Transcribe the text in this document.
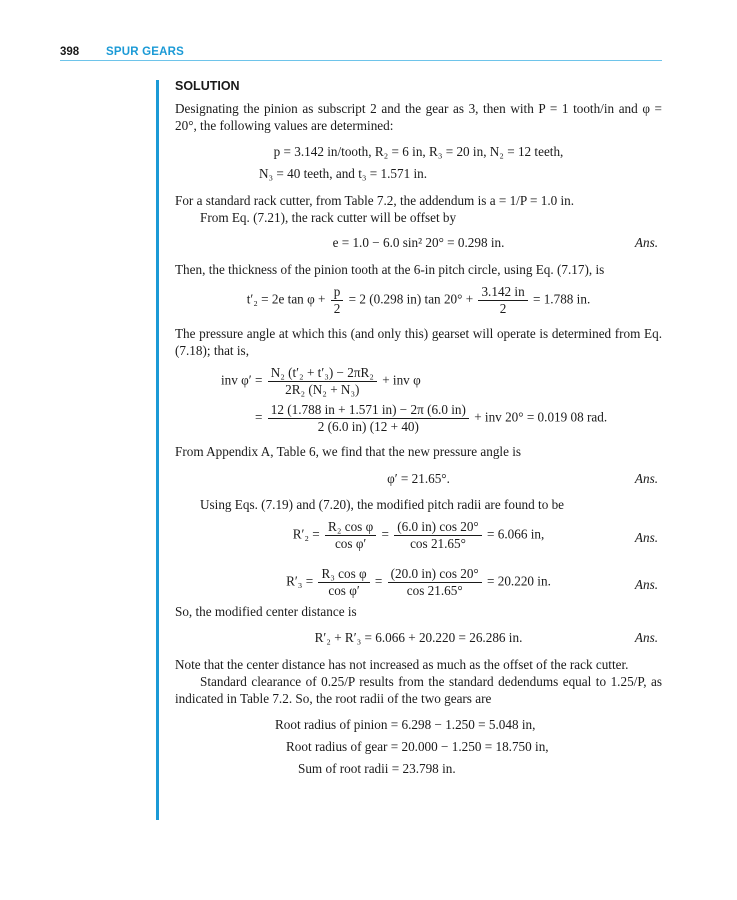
398 SPUR GEARS
SOLUTION

Designating the pinion as subscript 2 and the gear as 3, then with P = 1 tooth/in and φ = 20°, the following values are determined:

p = 3.142 in/tooth, R₂ = 6 in, R₃ = 20 in, N₂ = 12 teeth,
N₃ = 40 teeth, and t₃ = 1.571 in.

For a standard rack cutter, from Table 7.2, the addendum is a = 1/P = 1.0 in.

From Eq. (7.21), the rack cutter will be offset by

e = 1.0 − 6.0 sin² 20° = 0.298 in.	Ans.

Then, the thickness of the pinion tooth at the 6-in pitch circle, using Eq. (7.17), is

t′₂ = 2e $\tan \varphi + \frac{p}{2} = 2$ (0.298 in) $\tan 20^\circ + \frac{3.142 in}{2} = 1.788$ in.

The pressure angle at which this (and only this) gearset will operate is determined from Eq. (7.18); that is,

inv $\varphi' = \frac{\text{N₂ (t′₂ + t′₃) − 2πR₂}}{\text{2R₂ (N₂ + N₃)}}$ + inv φ
= $\frac{12 (1.788 in + 1.571 in) - 2\pi (6.0 in)}{2 (6.0 in) (12 + 40)}$ + inv 20° = 0.019 08 rad.

From Appendix A, Table 6, we find that the new pressure angle is

φ′ = 21.65°.	Ans.

Using Eqs. (7.19) and (7.20), the modified pitch radii are found to be

$R'_2 = \frac{\text{R₂ cos φ}}{\text{cos φ′}} = \frac{(6.0 in) \cos 20^\circ}{\cos 21.65^\circ} = 6.066$ in,	Ans.
$R'_3 = \frac{\text{R₃ cos φ}}{\text{cos φ′}} = \frac{(20.0 in) \cos 20^\circ}{\cos 21.65^\circ} = 20.220$ in.	Ans.

So, the modified center distance is

R′₂ + R′₃ = 6.066 + 20.220 = 26.286 in.	Ans.

Note that the center distance has not increased as much as the offset of the rack cutter.

Standard clearance of 0.25/P results from the standard dedendums equal to 1.25/P, as indicated in Table 7.2. So, the root radii of the two gears are

Root radius of pinion = 6.298 − 1.250 = 5.048 in,
Root radius of gear = 20.000 − 1.250 = 18.750 in,
Sum of root radii = 23.798 in.
